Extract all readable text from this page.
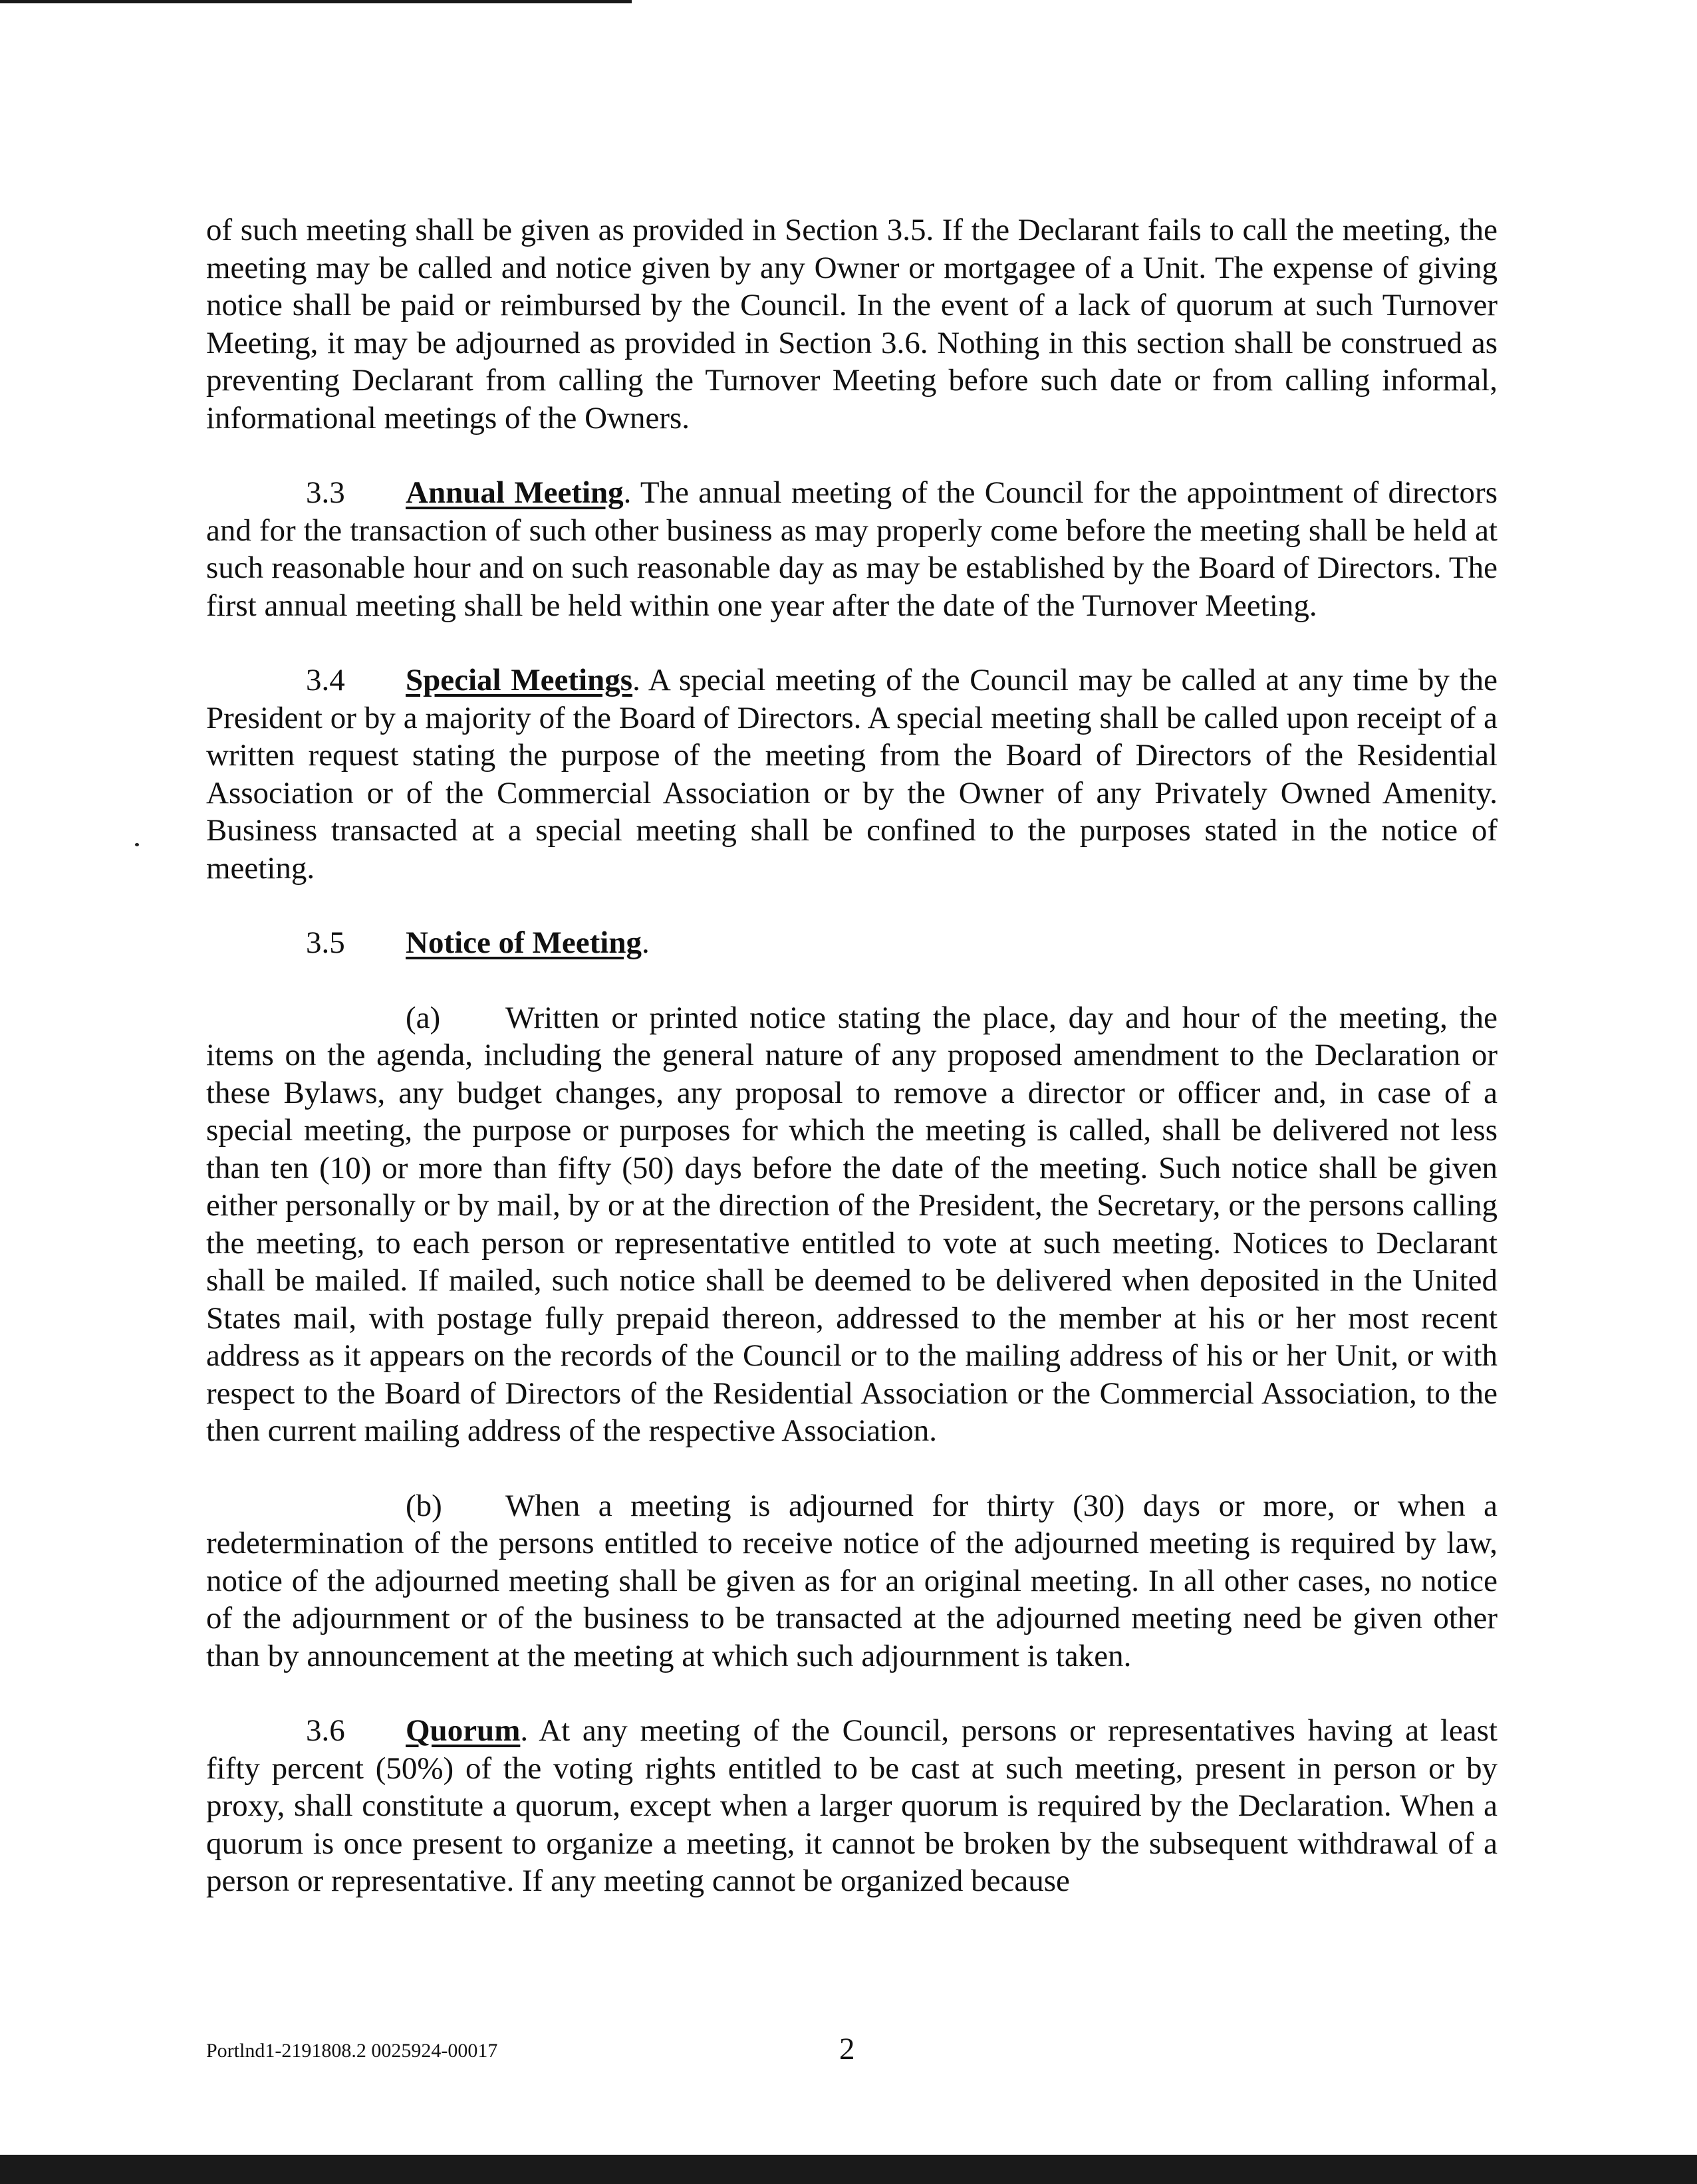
of such meeting shall be given as provided in Section 3.5. If the Declarant fails to call the meeting, the meeting may be called and notice given by any Owner or mortgagee of a Unit. The expense of giving notice shall be paid or reimbursed by the Council. In the event of a lack of quorum at such Turnover Meeting, it may be adjourned as provided in Section 3.6. Nothing in this section shall be construed as preventing Declarant from calling the Turnover Meeting before such date or from calling informal, informational meetings of the Owners.

3.3 Annual Meeting. The annual meeting of the Council for the appointment of directors and for the transaction of such other business as may properly come before the meeting shall be held at such reasonable hour and on such reasonable day as may be established by the Board of Directors. The first annual meeting shall be held within one year after the date of the Turnover Meeting.

3.4 Special Meetings. A special meeting of the Council may be called at any time by the President or by a majority of the Board of Directors. A special meeting shall be called upon receipt of a written request stating the purpose of the meeting from the Board of Directors of the Residential Association or of the Commercial Association or by the Owner of any Privately Owned Amenity. Business transacted at a special meeting shall be confined to the purposes stated in the notice of meeting.

3.5 Notice of Meeting.

(a) Written or printed notice stating the place, day and hour of the meeting, the items on the agenda, including the general nature of any proposed amendment to the Declaration or these Bylaws, any budget changes, any proposal to remove a director or officer and, in case of a special meeting, the purpose or purposes for which the meeting is called, shall be delivered not less than ten (10) or more than fifty (50) days before the date of the meeting. Such notice shall be given either personally or by mail, by or at the direction of the President, the Secretary, or the persons calling the meeting, to each person or representative entitled to vote at such meeting. Notices to Declarant shall be mailed. If mailed, such notice shall be deemed to be delivered when deposited in the United States mail, with postage fully prepaid thereon, addressed to the member at his or her most recent address as it appears on the records of the Council or to the mailing address of his or her Unit, or with respect to the Board of Directors of the Residential Association or the Commercial Association, to the then current mailing address of the respective Association.

(b) When a meeting is adjourned for thirty (30) days or more, or when a redetermination of the persons entitled to receive notice of the adjourned meeting is required by law, notice of the adjourned meeting shall be given as for an original meeting. In all other cases, no notice of the adjournment or of the business to be transacted at the adjourned meeting need be given other than by announcement at the meeting at which such adjournment is taken.

3.6 Quorum. At any meeting of the Council, persons or representatives having at least fifty percent (50%) of the voting rights entitled to be cast at such meeting, present in person or by proxy, shall constitute a quorum, except when a larger quorum is required by the Declaration. When a quorum is once present to organize a meeting, it cannot be broken by the subsequent withdrawal of a person or representative. If any meeting cannot be organized because

Portlnd1-2191808.2 0025924-00017	2
